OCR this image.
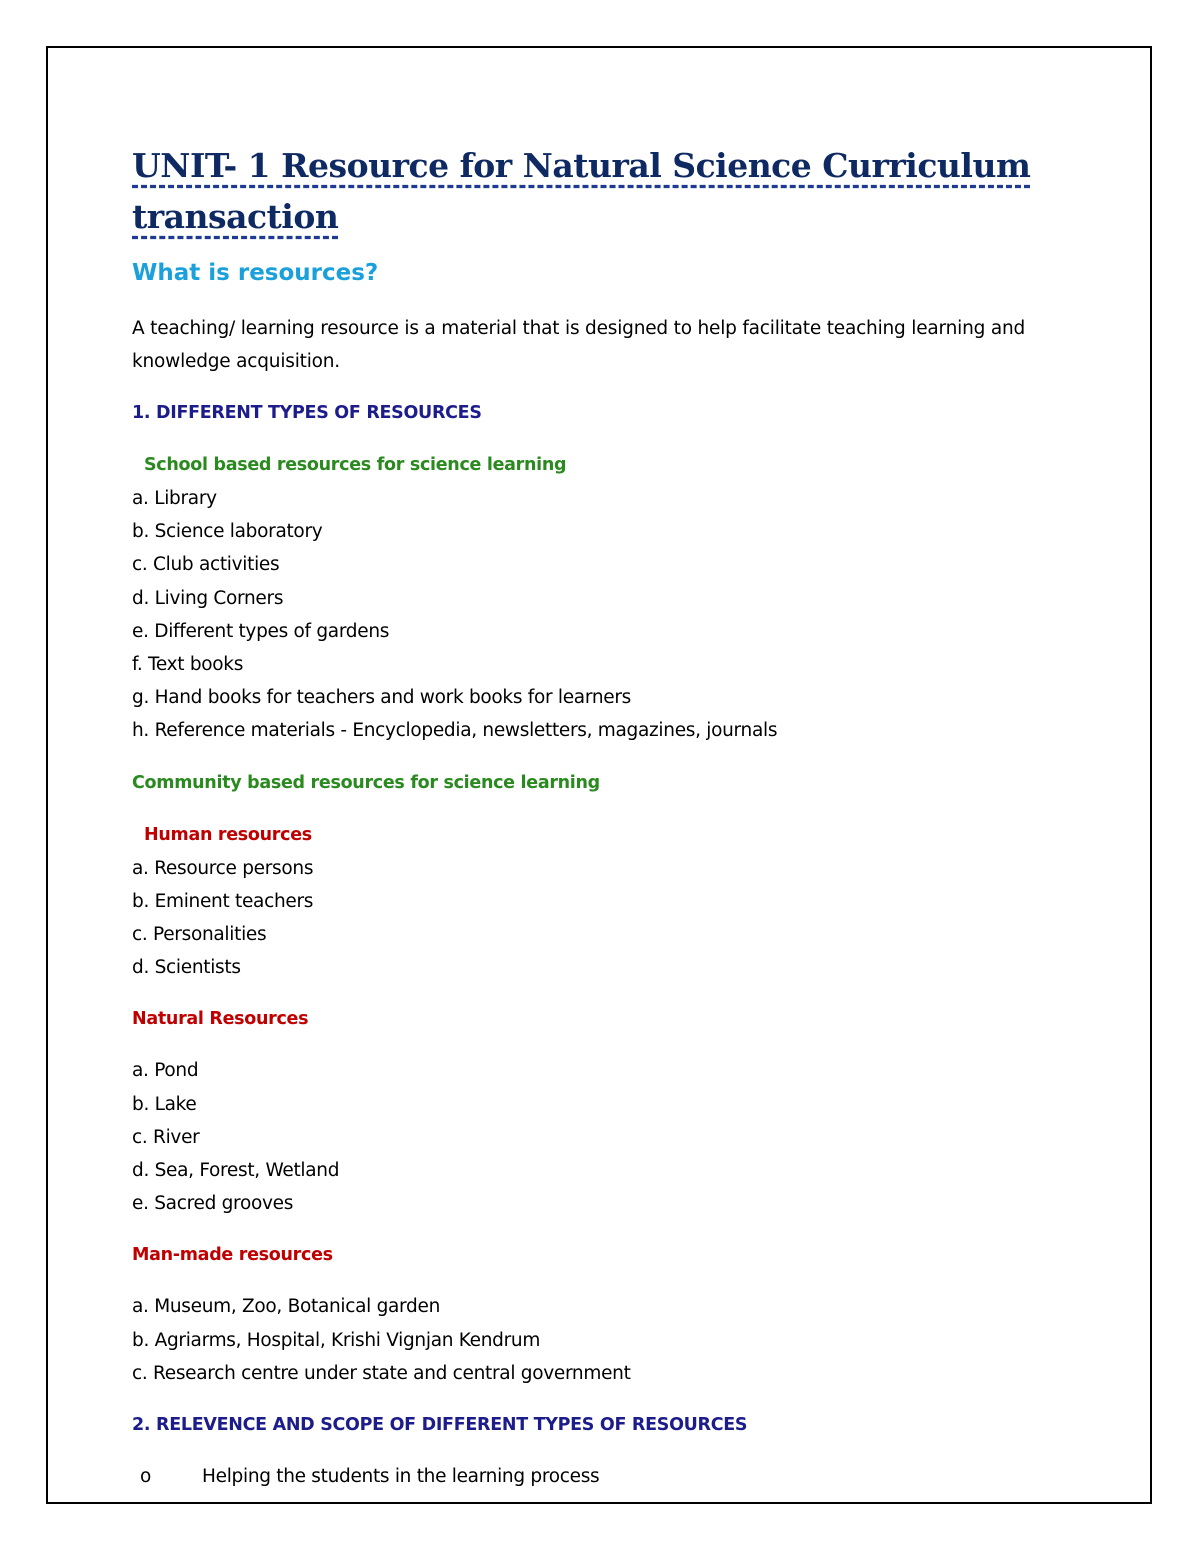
UNIT- 1 Resource for Natural Science Curriculum transaction
What is resources?

A teaching/ learning resource is a material that is designed to help facilitate teaching learning and knowledge acquisition.

1. DIFFERENT TYPES OF RESOURCES
School based resources for science learning
a. Library
b. Science laboratory
c. Club activities
d. Living Corners
e. Different types of gardens
f. Text books
g. Hand books for teachers and work books for learners
h. Reference materials - Encyclopedia, newsletters, magazines, journals
Community based resources for science learning
Human resources
a. Resource persons
b. Eminent teachers
c. Personalities
d. Scientists
Natural Resources
a. Pond
b. Lake
c. River
d. Sea, Forest, Wetland
e. Sacred grooves
Man-made resources
a. Museum, Zoo, Botanical garden
b. Agriarms, Hospital, Krishi Vignjan Kendrum
c. Research centre under state and central government
2. RELEVENCE AND SCOPE OF DIFFERENT TYPES OF RESOURCES
o	Helping the students in the learning process
